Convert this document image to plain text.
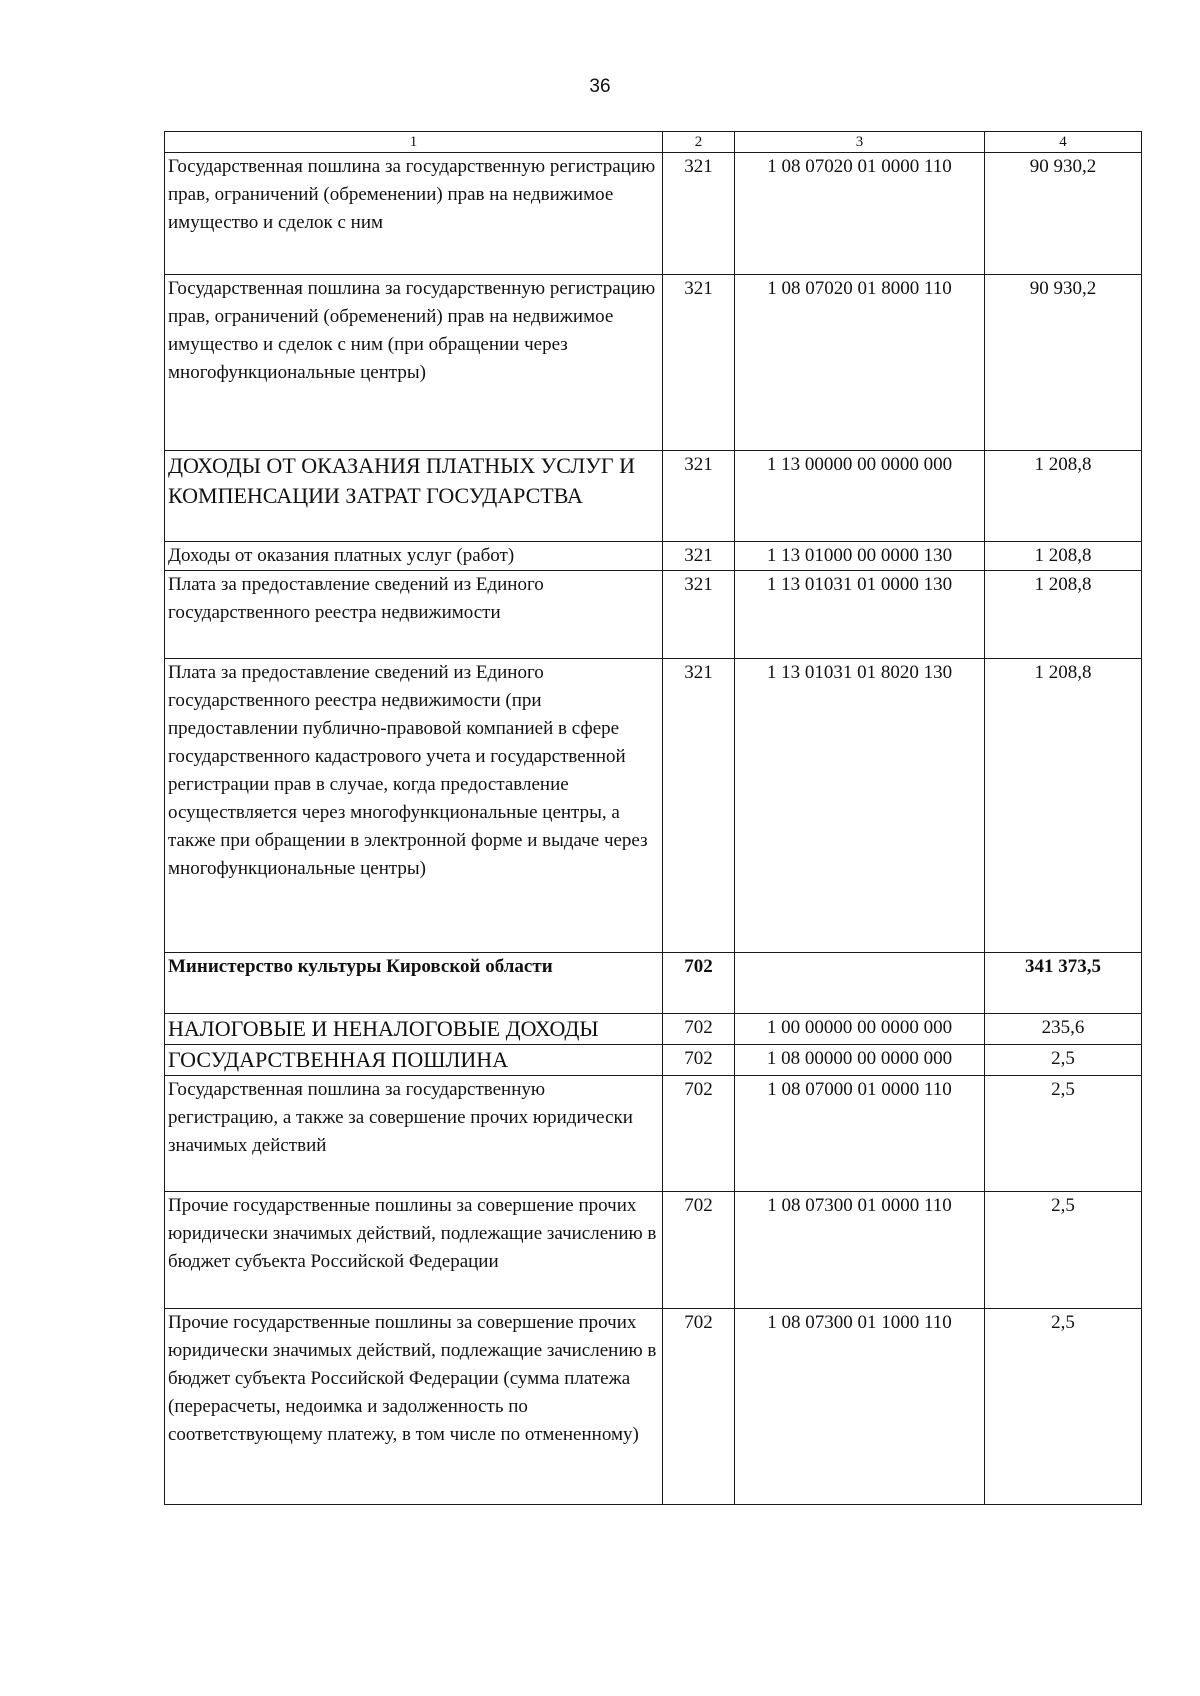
36
1	2	3	4
Государственная пошлина за государственную регистрацию прав, ограничений (обременении) прав на недвижимое имущество и сделок с ним	321	1 08 07020 01 0000 110	90 930,2
Государственная пошлина за государственную регистрацию прав, ограничений (обременений) прав на недвижимое имущество и сделок с ним (при обращении через многофункциональные центры)	321	1 08 07020 01 8000 110	90 930,2
ДОХОДЫ ОТ ОКАЗАНИЯ ПЛАТНЫХ УСЛУГ И КОМПЕНСАЦИИ ЗАТРАТ ГОСУДАРСТВА	321	1 13 00000 00 0000 000	1 208,8
Доходы от оказания платных услуг (работ)	321	1 13 01000 00 0000 130	1 208,8
Плата за предоставление сведений из Единого государственного реестра недвижимости	321	1 13 01031 01 0000 130	1 208,8
Плата за предоставление сведений из Единого государственного реестра недвижимости (при предоставлении публично-правовой компанией в сфере государственного кадастрового учета и государственной регистрации прав в случае, когда предоставление осуществляется через многофункциональные центры, а также при обращении в электронной форме и выдаче через многофункциональные центры)	321	1 13 01031 01 8020 130	1 208,8
Министерство культуры Кировской области	702		341 373,5
НАЛОГОВЫЕ И НЕНАЛОГОВЫЕ ДОХОДЫ	702	1 00 00000 00 0000 000	235,6
ГОСУДАРСТВЕННАЯ ПОШЛИНА	702	1 08 00000 00 0000 000	2,5
Государственная пошлина за государственную регистрацию, а также за совершение прочих юридически значимых действий	702	1 08 07000 01 0000 110	2,5
Прочие государственные пошлины за совершение прочих юридически значимых действий, подлежащие зачислению в бюджет субъекта Российской Федерации	702	1 08 07300 01 0000 110	2,5
Прочие государственные пошлины за совершение прочих юридически значимых действий, подлежащие зачислению в бюджет субъекта Российской Федерации (сумма платежа (перерасчеты, недоимка и задолженность по соответствующему платежу, в том числе по отмененному)	702	1 08 07300 01 1000 110	2,5
